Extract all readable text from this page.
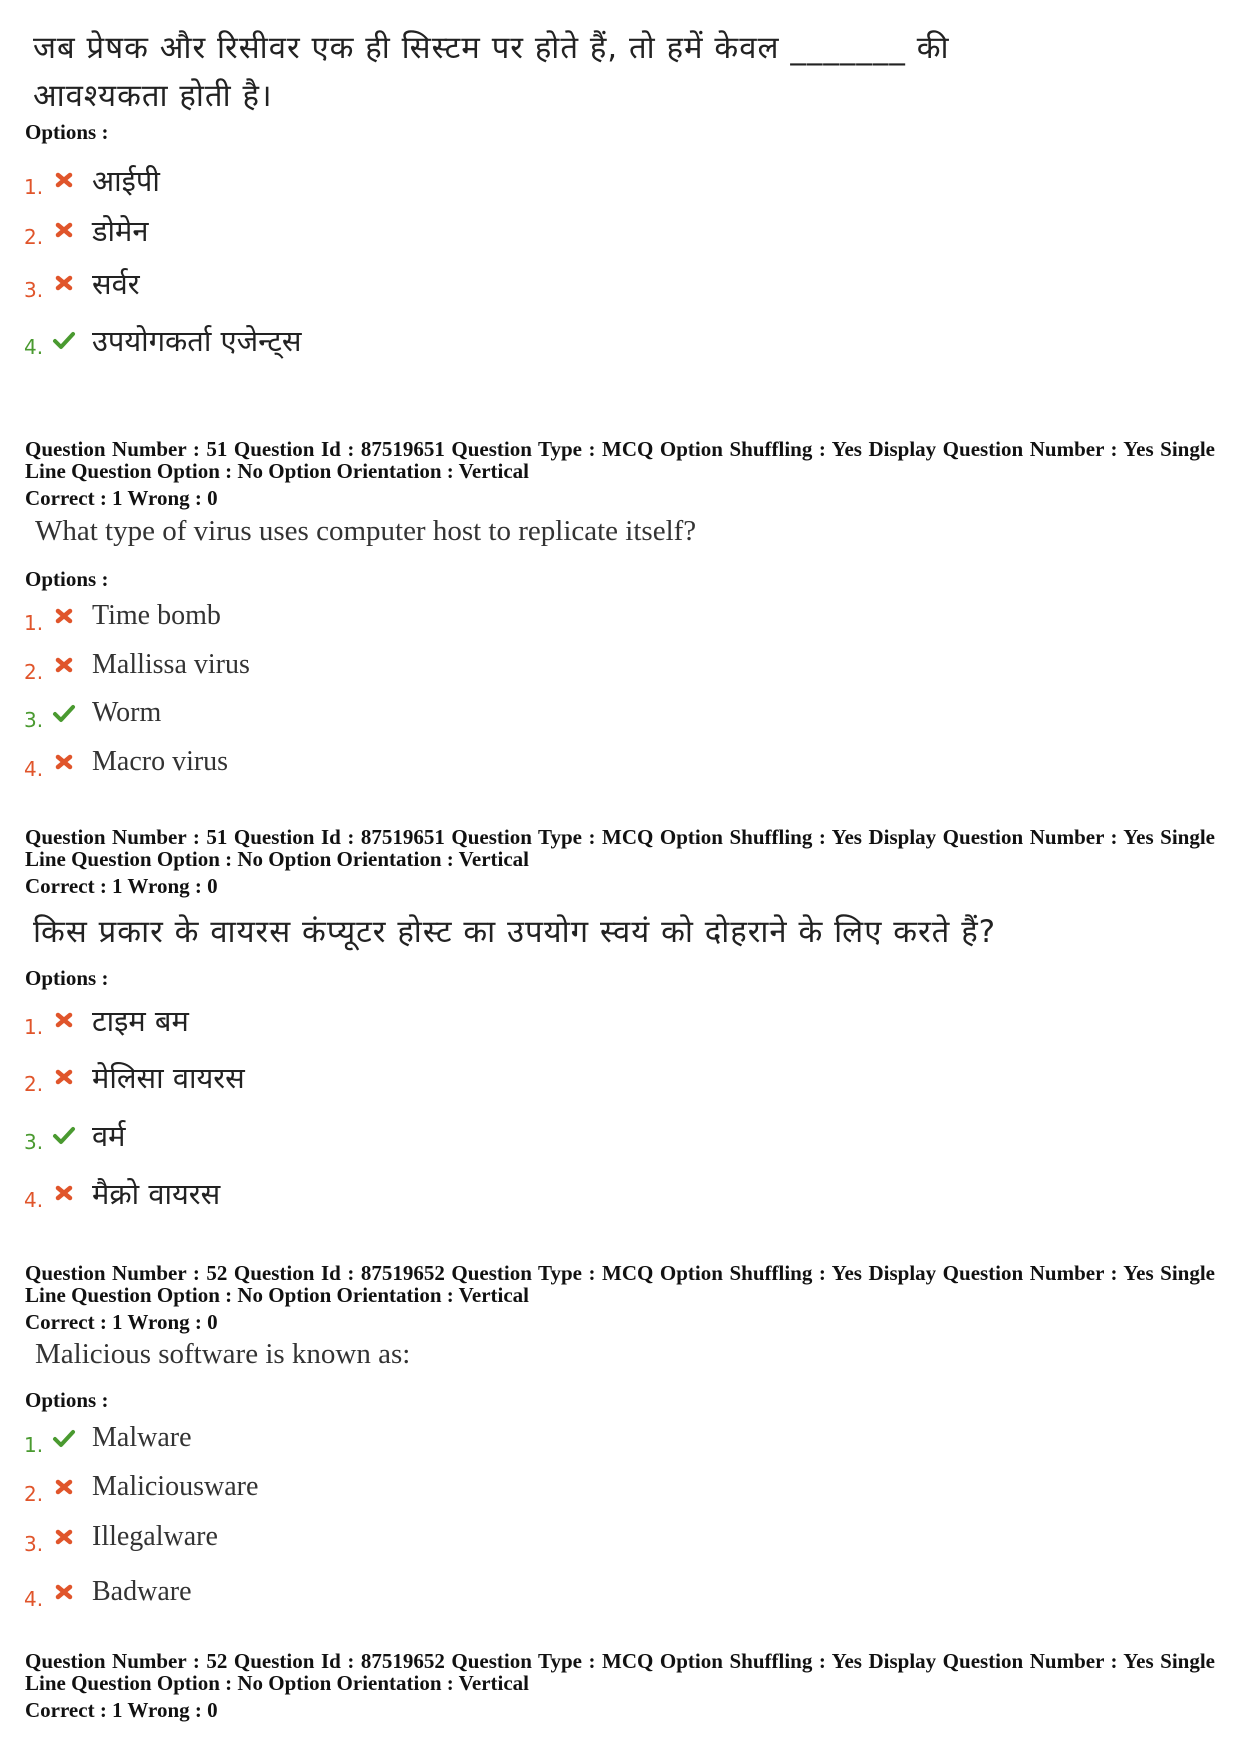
जब प्रेषक और रिसीवर एक ही सिस्टम पर होते हैं, तो हमें केवल _______ की
आवश्यकता होती है।
Options :
1. आईपी
2. डोमेन
3. सर्वर
4. उपयोगकर्ता एजेन्ट्स
Question Number : 51 Question Id : 87519651 Question Type : MCQ Option Shuffling : Yes Display Question Number : Yes Single Line Question Option : No Option Orientation : Vertical
Correct : 1 Wrong : 0
What type of virus uses computer host to replicate itself?
Options :
1. Time bomb
2. Mallissa virus
3. Worm
4. Macro virus
Question Number : 51 Question Id : 87519651 Question Type : MCQ Option Shuffling : Yes Display Question Number : Yes Single Line Question Option : No Option Orientation : Vertical
Correct : 1 Wrong : 0
किस प्रकार के वायरस कंप्यूटर होस्ट का उपयोग स्वयं को दोहराने के लिए करते हैं?
Options :
1. टाइम बम
2. मेलिसा वायरस
3. वर्म
4. मैक्रो वायरस
Question Number : 52 Question Id : 87519652 Question Type : MCQ Option Shuffling : Yes Display Question Number : Yes Single Line Question Option : No Option Orientation : Vertical
Correct : 1 Wrong : 0
Malicious software is known as:
Options :
1. Malware
2. Maliciousware
3. Illegalware
4. Badware
Question Number : 52 Question Id : 87519652 Question Type : MCQ Option Shuffling : Yes Display Question Number : Yes Single Line Question Option : No Option Orientation : Vertical
Correct : 1 Wrong : 0
